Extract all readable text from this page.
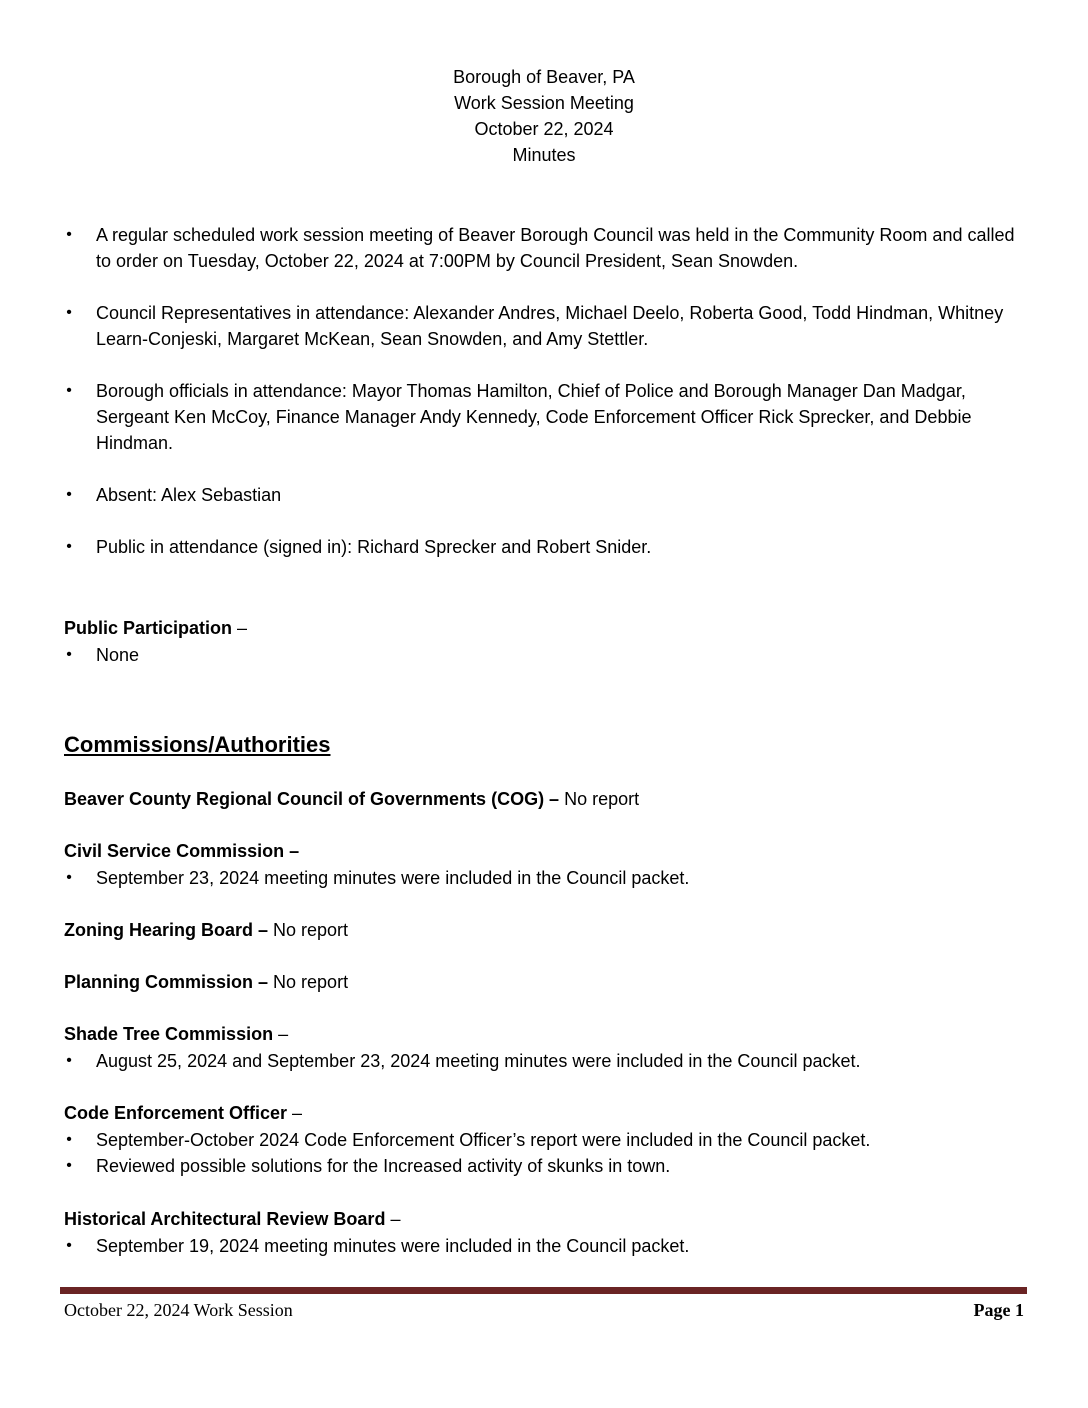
Borough of Beaver, PA
Work Session Meeting
October 22, 2024
Minutes
• A regular scheduled work session meeting of Beaver Borough Council was held in the Community Room and called to order on Tuesday, October 22, 2024 at 7:00PM by Council President, Sean Snowden.
• Council Representatives in attendance: Alexander Andres, Michael Deelo, Roberta Good, Todd Hindman, Whitney Learn-Conjeski, Margaret McKean, Sean Snowden, and Amy Stettler.
• Borough officials in attendance: Mayor Thomas Hamilton, Chief of Police and Borough Manager Dan Madgar, Sergeant Ken McCoy, Finance Manager Andy Kennedy, Code Enforcement Officer Rick Sprecker, and Debbie Hindman.
• Absent: Alex Sebastian
• Public in attendance (signed in): Richard Sprecker and Robert Snider.
Public Participation –
• None
Commissions/Authorities
Beaver County Regional Council of Governments (COG) – No report
Civil Service Commission –
• September 23, 2024 meeting minutes were included in the Council packet.
Zoning Hearing Board – No report
Planning Commission – No report
Shade Tree Commission –
• August 25, 2024 and September 23, 2024 meeting minutes were included in the Council packet.
Code Enforcement Officer –
• September-October 2024 Code Enforcement Officer’s report were included in the Council packet.
• Reviewed possible solutions for the Increased activity of skunks in town.
Historical Architectural Review Board –
• September 19, 2024 meeting minutes were included in the Council packet.
October 22, 2024 Work Session	Page 1
